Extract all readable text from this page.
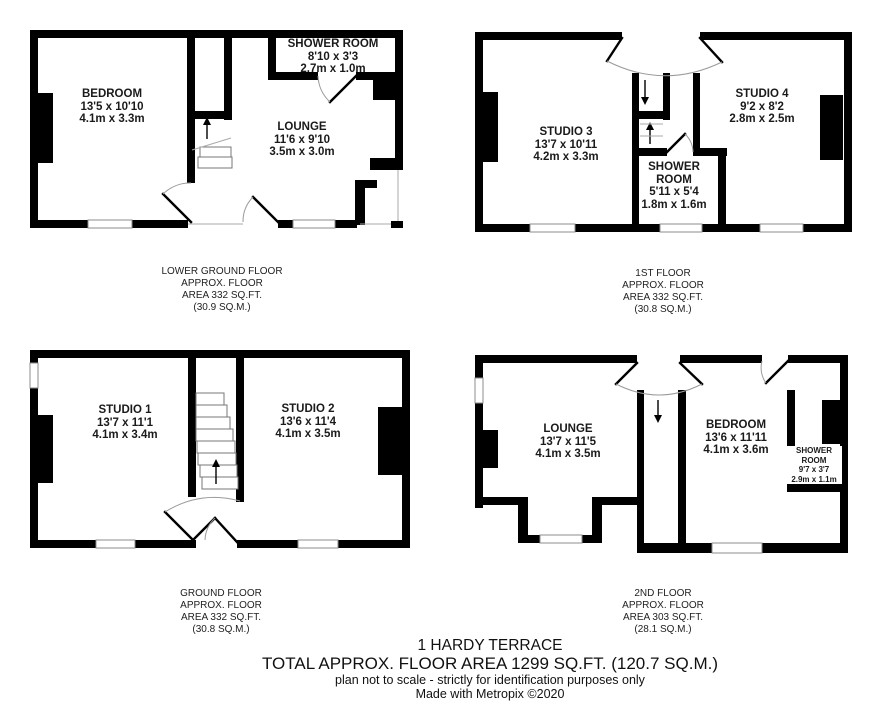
BEDROOM
13'5 x 10'10
4.1m x 3.3m
SHOWER ROOM
8'10 x 3'3
2.7m x 1.0m
LOUNGE
11'6 x 9'10
3.5m x 3.0m
STUDIO 3
13'7 x 10'11
4.2m x 3.3m
STUDIO 4
9'2 x 8'2
2.8m x 2.5m
SHOWER ROOM
5'11 x 5'4
1.8m x 1.6m
STUDIO 1
13'7 x 11'1
4.1m x 3.4m
STUDIO 2
13'6 x 11'4
4.1m x 3.5m	LOUNGE
13'7 x 11'5
4.1m x 3.5m
BEDROOM
13'6 x 11'11
4.1m x 3.6m	SHOWER ROOM
9'7 x 3'7
2.9m x 1.1m
LOWER GROUND FLOOR
APPROX. FLOOR
AREA 332 SQ.FT.
(30.9 SQ.M.)
1ST FLOOR
APPROX. FLOOR
AREA 332 SQ.FT.
(30.8 SQ.M.)
GROUND FLOOR
APPROX. FLOOR
AREA 332 SQ.FT.
(30.8 SQ.M.)
2ND FLOOR
APPROX. FLOOR
AREA 303 SQ.FT.
(28.1 SQ.M.)
1 HARDY TERRACE
TOTAL APPROX. FLOOR AREA 1299 SQ.FT. (120.7 SQ.M.)
plan not to scale - strictly for identification purposes only
Made with Metropix ©2020
